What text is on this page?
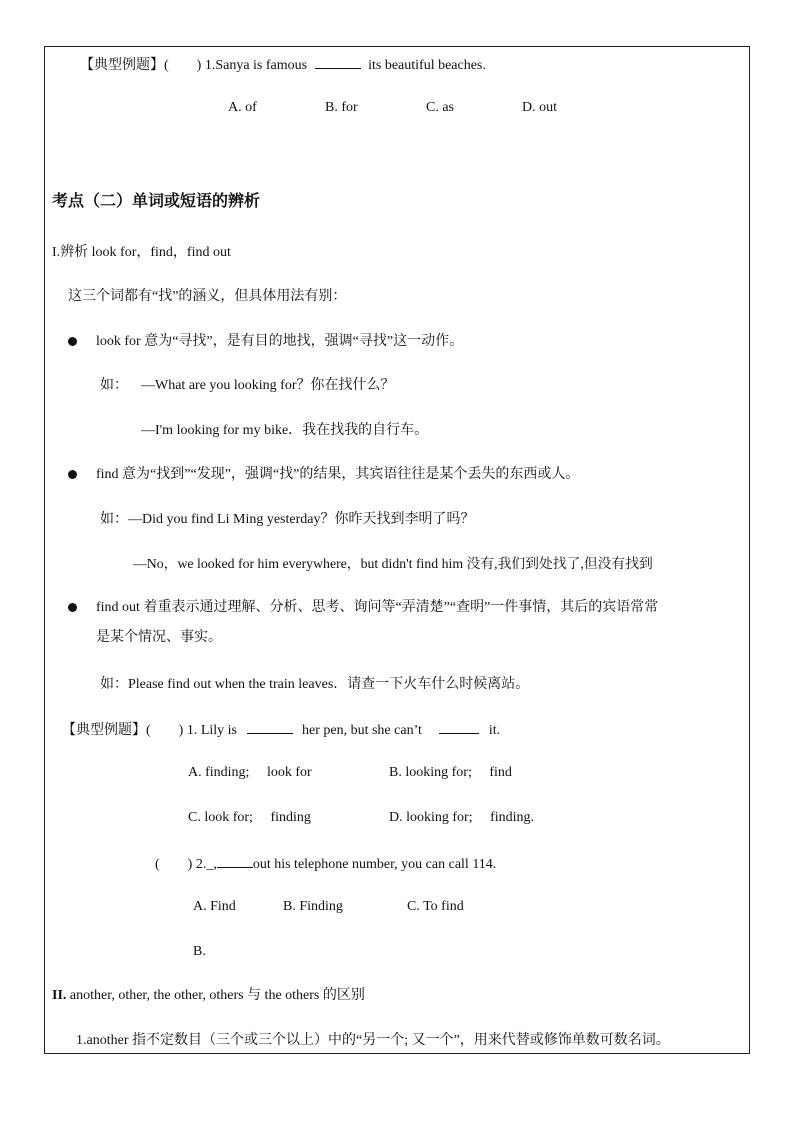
【典型例题】(　　) 1.Sanya is famous	its beautiful beaches.
A. of	B. for	C. as	D. out
考点（二）单词或短语的辨析
I.辨析 look for，find，find out
这三个词都有“找”的涵义，但具体用法有别：
look for 意为“寻找”，是有目的地找，强调“寻找”这一动作。
如： —What are you looking for？你在找什么？
—I'm looking for my bike．我在找我的自行车。
find 意为“找到”“发现”，强调“找”的结果，其宾语往往是某个丢失的东西或人。
如：—Did you find Li Ming yesterday？你昨天找到李明了吗？
—No，we looked for him everywhere，but didn't find him 没有,我们到处找了,但没有找到
find out 着重表示通过理解、分析、思考、询问等“弄清楚”“查明”一件事情，其后的宾语常常
是某个情况、事实。
如：Please find out when the train leaves．请查一下火车什么时候离站。
【典型例题】(　　) 1. Lily is	her pen, but she can’t	it.
A. finding;　 look for	B. looking for;　 find
C. look for;　 finding	D. looking for;　 finding.
(　　) 2._,	out his telephone number, you can call 114.
A. Find	B. Finding	C. To find
B.
II. another, other, the other, others 与 the others 的区别
1.another 指不定数目（三个或三个以上）中的“另一个; 又一个”，用来代替或修饰单数可数名词。
